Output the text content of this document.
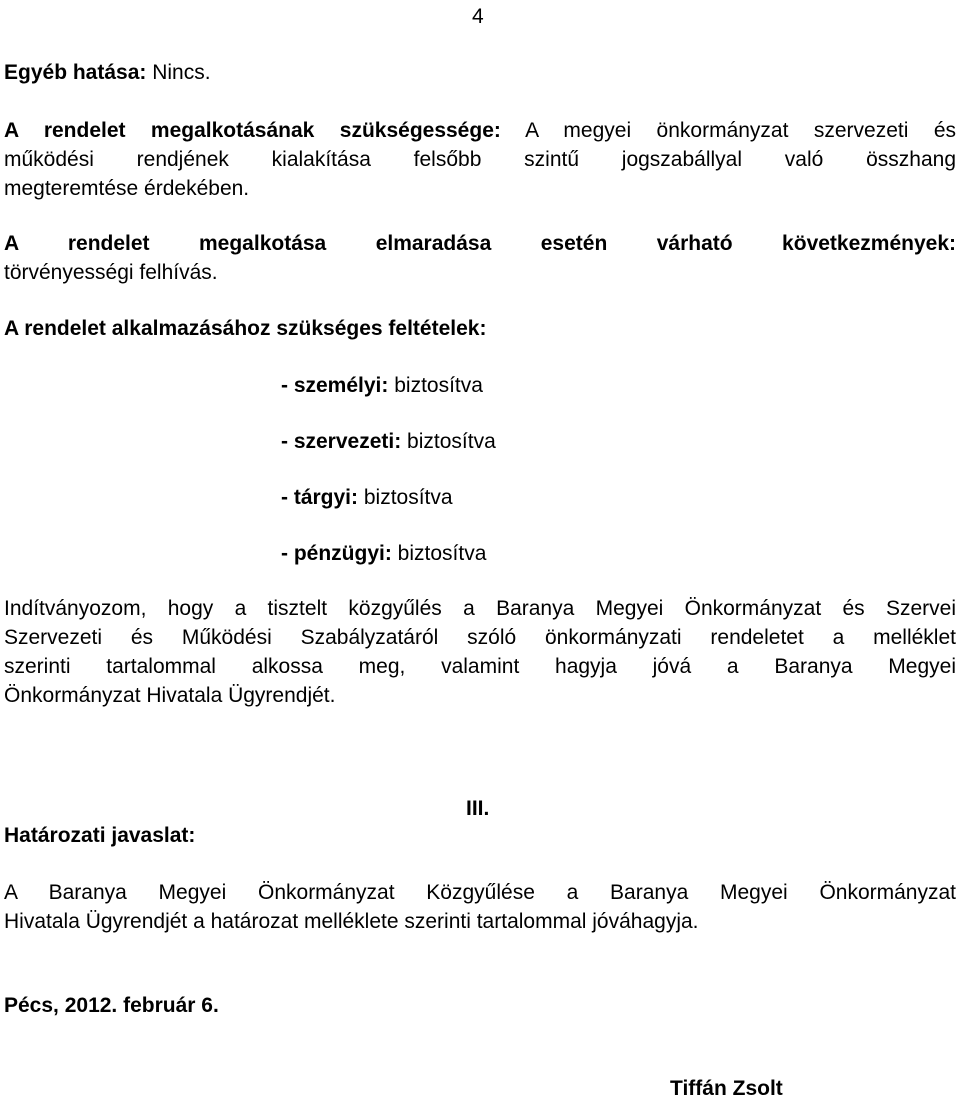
4
Egyéb hatása: Nincs.
A rendelet megalkotásának szükségessége: A megyei önkormányzat szervezeti és
működési rendjének kialakítása felsőbb szintű jogszabállyal való összhang
megteremtése érdekében.
A rendelet megalkotása elmaradása esetén várható következmények:
törvényességi felhívás.
A rendelet alkalmazásához szükséges feltételek:
- személyi: biztosítva
- szervezeti: biztosítva
- tárgyi: biztosítva
- pénzügyi: biztosítva
Indítványozom, hogy a tisztelt közgyűlés a Baranya Megyei Önkormányzat és Szervei
Szervezeti és Működési Szabályzatáról szóló önkormányzati rendeletet a melléklet
szerinti tartalommal alkossa meg, valamint hagyja jóvá a Baranya Megyei
Önkormányzat Hivatala Ügyrendjét.
III.
Határozati javaslat:
A Baranya Megyei Önkormányzat Közgyűlése a Baranya Megyei Önkormányzat
Hivatala Ügyrendjét a határozat melléklete szerinti tartalommal jóváhagyja.
Pécs, 2012. február 6.
Tiffán Zsolt
